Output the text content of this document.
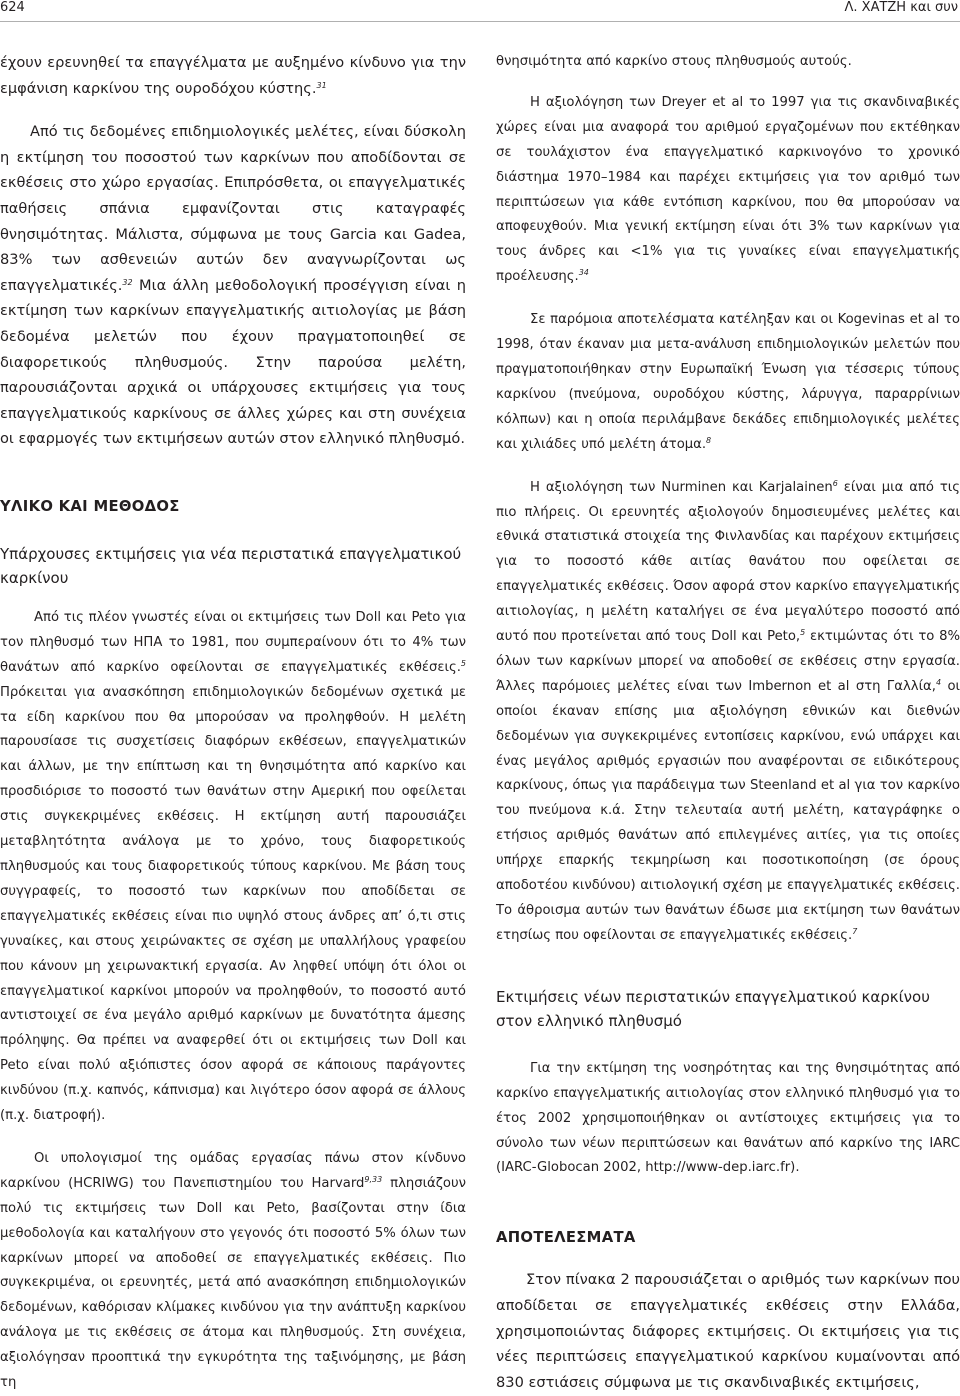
624	Λ. ΧΑΤΖΗ και συν

έχουν ερευνηθεί τα επαγγέλματα με αυξημένο κίνδυνο για την εμφάνιση καρκίνου της ουροδόχου κύστης.$^{31}$

Από τις δεδομένες επιδημιολογικές μελέτες, είναι δύσκολη η εκτίμηση του ποσοστού των καρκίνων που αποδίδονται σε εκθέσεις στο χώρο εργασίας. Επιπρόσθετα, οι επαγγελματικές παθήσεις σπάνια εμφανίζονται στις καταγραφές θνησιμότητας. Μάλιστα, σύμφωνα με τους Garcia και Gadea, 83% των ασθενειών αυτών δεν αναγνωρίζονται ως επαγγελματικές.$^{32}$ Μια άλλη μεθοδολογική προσέγγιση είναι η εκτίμηση των καρκίνων επαγγελματικής αιτιολογίας με βάση δεδομένα μελετών που έχουν πραγματοποιηθεί σε διαφορετικούς πληθυσμούς. Στην παρούσα μελέτη, παρουσιάζονται αρχικά οι υπάρχουσες εκτιμήσεις για τους επαγγελματικούς καρκίνους σε άλλες χώρες και στη συνέχεια οι εφαρμογές των εκτιμήσεων αυτών στον ελληνικό πληθυσμό.

ΥΛΙΚΟ ΚΑΙ ΜΕΘΟΔΟΣ
Υπάρχουσες εκτιμήσεις για νέα περιστατικά επαγγελματικού καρκίνου

Από τις πλέον γνωστές είναι οι εκτιμήσεις των Doll και Peto για τον πληθυσμό των ΗΠΑ το 1981, που συμπεραίνουν ότι το 4% των θανάτων από καρκίνο οφείλονται σε επαγγελματικές εκθέσεις.$^5$ Πρόκειται για ανασκόπηση επιδημιολογικών δεδομένων σχετικά με τα είδη καρκίνου που θα μπορούσαν να προληφθούν. Η μελέτη παρουσίασε τις συσχετίσεις διαφόρων εκθέσεων, επαγγελματικών και άλλων, με την επίπτωση και τη θνησιμότητα από καρκίνο και προσδιόρισε το ποσοστό των θανάτων στην Αμερική που οφείλεται στις συγκεκριμένες εκθέσεις. Η εκτίμηση αυτή παρουσιάζει μεταβλητότητα ανάλογα με το χρόνο, τους διαφορετικούς πληθυσμούς και τους διαφορετικούς τύπους καρκίνου. Με βάση τους συγγραφείς, το ποσοστό των καρκίνων που αποδίδεται σε επαγγελματικές εκθέσεις είναι πιο υψηλό στους άνδρες απ’ ό,τι στις γυναίκες, και στους χειρώνακτες σε σχέση με υπαλλήλους γραφείου που κάνουν μη χειρωνακτική εργασία. Αν ληφθεί υπόψη ότι όλοι οι επαγγελματικοί καρκίνοι μπορούν να προληφθούν, το ποσοστό αυτό αντιστοιχεί σε ένα μεγάλο αριθμό καρκίνων με δυνατότητα άμεσης πρόληψης. Θα πρέπει να αναφερθεί ότι οι εκτιμήσεις των Doll και Peto είναι πολύ αξιόπιστες όσον αφορά σε κάποιους παράγοντες κινδύνου (π.χ. καπνός, κάπνισμα) και λιγότερο όσον αφορά σε άλλους (π.χ. διατροφή).

Οι υπολογισμοί της ομάδας εργασίας πάνω στον κίνδυνο καρκίνου (HCRIWG) του Πανεπιστημίου του Harvard$^{9,33}$ πλησιάζουν πολύ τις εκτιμήσεις των Doll και Peto, βασίζονται στην ίδια μεθοδολογία και καταλήγουν στο γεγονός ότι ποσοστό 5% όλων των καρκίνων μπορεί να αποδοθεί σε επαγγελματικές εκθέσεις. Πιο συγκεκριμένα, οι ερευνητές, μετά από ανασκόπηση επιδημιολογικών δεδομένων, καθόρισαν κλίμακες κινδύνου για την ανάπτυξη καρκίνου ανάλογα με τις εκθέσεις σε άτομα και πληθυσμούς. Στη συνέχεια, αξιολόγησαν προοπτικά την εγκυρότητα της ταξινόμησης, με βάση τη

θνησιμότητα από καρκίνο στους πληθυσμούς αυτούς.

Η αξιολόγηση των Dreyer et al το 1997 για τις σκανδιναβικές χώρες είναι μια αναφορά του αριθμού εργαζομένων που εκτέθηκαν σε τουλάχιστον ένα επαγγελματικό καρκινογόνο το χρονικό διάστημα 1970–1984 και παρέχει εκτιμήσεις για τον αριθμό των περιπτώσεων για κάθε εντόπιση καρκίνου, που θα μπορούσαν να αποφευχθούν. Μια γενική εκτίμηση είναι ότι 3% των καρκίνων για τους άνδρες και <1% για τις γυναίκες είναι επαγγελματικής προέλευσης.$^{34}$

Σε παρόμοια αποτελέσματα κατέληξαν και οι Kogevinas et al το 1998, όταν έκαναν μια μετα-ανάλυση επιδημιολογικών μελετών που πραγματοποιήθηκαν στην Ευρωπαϊκή Ένωση για τέσσερις τύπους καρκίνου (πνεύμονα, ουροδόχου κύστης, λάρυγγα, παραρρίνιων κόλπων) και η οποία περιλάμβανε δεκάδες επιδημιολογικές μελέτες και χιλιάδες υπό μελέτη άτομα.$^8$

Η αξιολόγηση των Nurminen και Karjalainen$^6$ είναι μια από τις πιο πλήρεις. Οι ερευνητές αξιολογούν δημοσιευμένες μελέτες και εθνικά στατιστικά στοιχεία της Φινλανδίας και παρέχουν εκτιμήσεις για το ποσοστό κάθε αιτίας θανάτου που οφείλεται σε επαγγελματικές εκθέσεις. Όσον αφορά στον καρκίνο επαγγελματικής αιτιολογίας, η μελέτη καταλήγει σε ένα μεγαλύτερο ποσοστό από αυτό που προτείνεται από τους Doll και Peto,$^5$ εκτιμώντας ότι το 8% όλων των καρκίνων μπορεί να αποδοθεί σε εκθέσεις στην εργασία. Άλλες παρόμοιες μελέτες είναι των Imbernon et al στη Γαλλία,$^4$ οι οποίοι έκαναν επίσης μια αξιολόγηση εθνικών και διεθνών δεδομένων για συγκεκριμένες εντοπίσεις καρκίνου, ενώ υπάρχει και ένας μεγάλος αριθμός εργασιών που αναφέρονται σε ειδικότερους καρκίνους, όπως για παράδειγμα των Steenland et al για τον καρκίνο του πνεύμονα κ.ά. Στην τελευταία αυτή μελέτη, καταγράφηκε ο ετήσιος αριθμός θανάτων από επιλεγμένες αιτίες, για τις οποίες υπήρχε επαρκής τεκμηρίωση και ποσοτικοποίηση (σε όρους αποδοτέου κινδύνου) αιτιολογική σχέση με επαγγελματικές εκθέσεις. Το άθροισμα αυτών των θανάτων έδωσε μια εκτίμηση των θανάτων ετησίως που οφείλονται σε επαγγελματικές εκθέσεις.$^7$

Εκτιμήσεις νέων περιστατικών επαγγελματικού καρκίνου στον ελληνικό πληθυσμό

Για την εκτίμηση της νοσηρότητας και της θνησιμότητας από καρκίνο επαγγελματικής αιτιολογίας στον ελληνικό πληθυσμό για το έτος 2002 χρησιμοποιήθηκαν οι αντίστοιχες εκτιμήσεις για το σύνολο των νέων περιπτώσεων και θανάτων από καρκίνο της IARC (IARC-Globocan 2002, http://www-dep.iarc.fr).

ΑΠΟΤΕΛΕΣΜΑΤΑ

Στον πίνακα 2 παρουσιάζεται ο αριθμός των καρκίνων που αποδίδεται σε επαγγελματικές εκθέσεις στην Ελλάδα, χρησιμοποιώντας διάφορες εκτιμήσεις. Οι εκτιμήσεις για τις νέες περιπτώσεις επαγγελματικού καρκίνου κυμαίνονται από 830 εστιάσεις σύμφωνα με τις σκανδιναβικές εκτιμήσεις,
